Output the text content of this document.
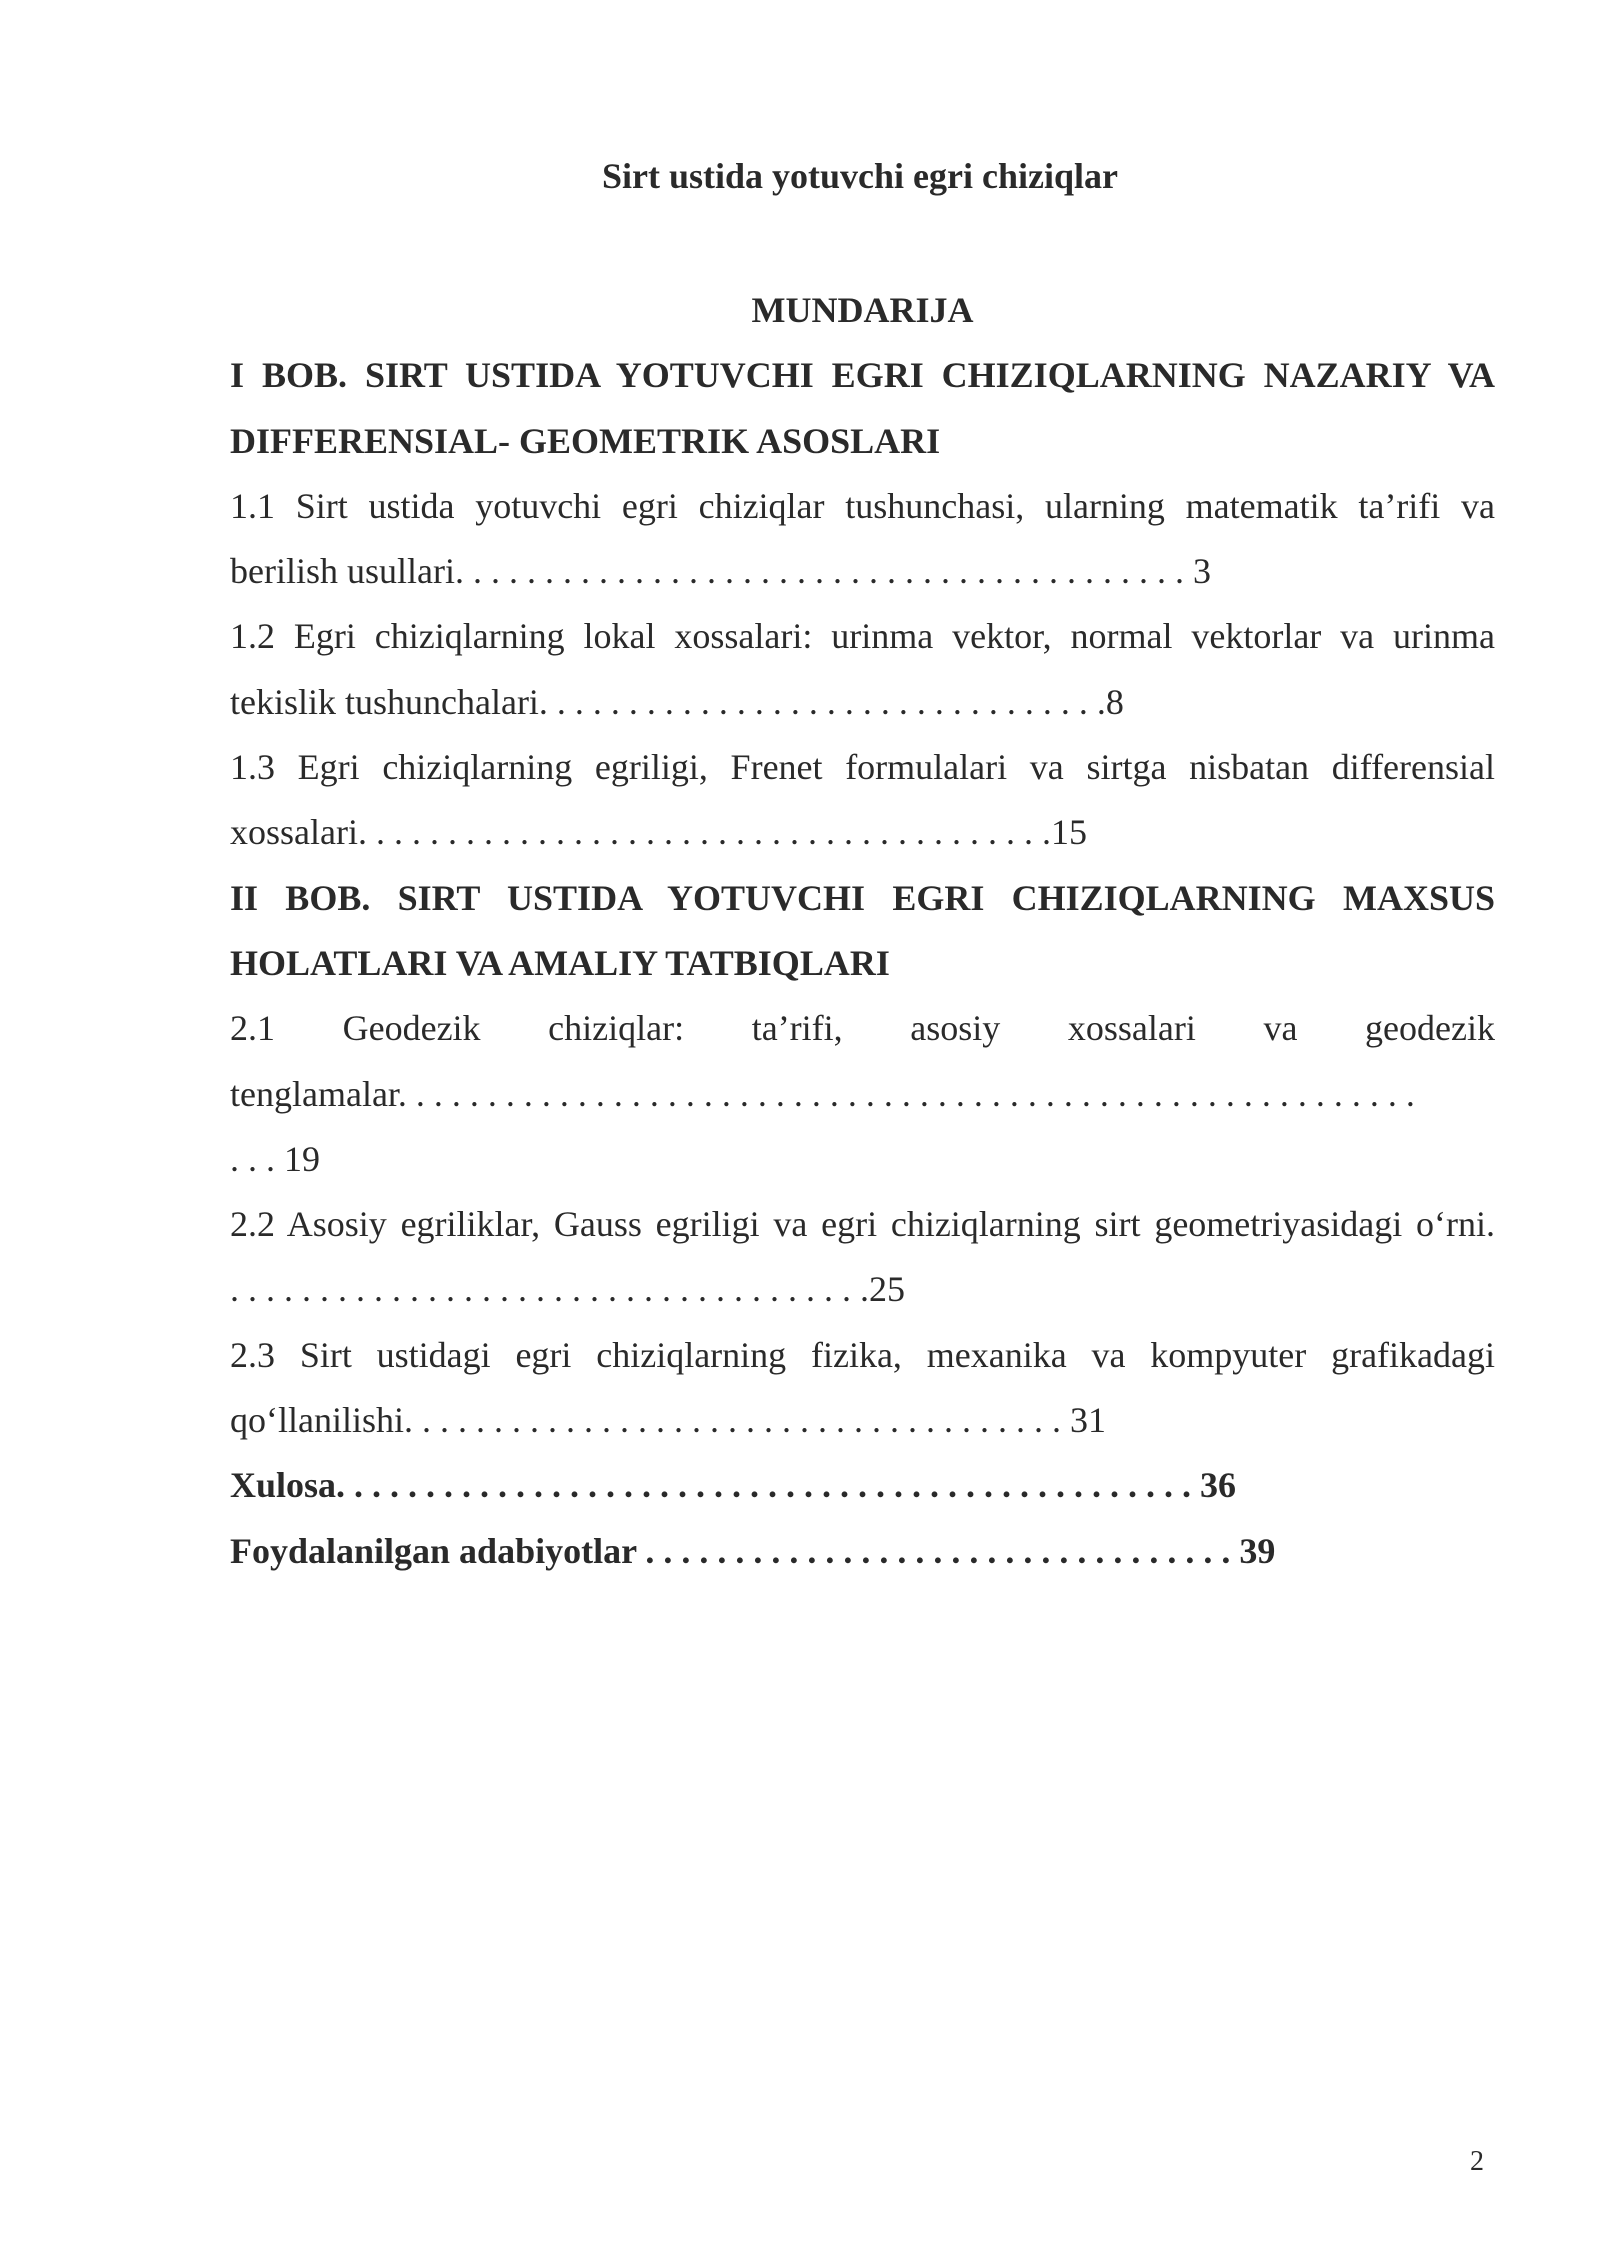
Sirt ustida yotuvchi egri chiziqlar

MUNDARIJA

I BOB. SIRT USTIDA YOTUVCHI EGRI CHIZIQLARNING NAZARIY VA
DIFFERENSIAL- GEOMETRIK ASOSLARI
1.1 Sirt ustida yotuvchi egri chiziqlar tushunchasi, ularning matematik ta’rifi va
berilish usullari. . . . . . . . . . . . . . . . . . . . . . . . . . . . . . . . . . . . . . . . . 3
1.2 Egri chiziqlarning lokal xossalari: urinma vektor, normal vektorlar va urinma
tekislik tushunchalari. . . . . . . . . . . . . . . . . . . . . . . . . . . . . . . .8
1.3 Egri chiziqlarning egriligi, Frenet formulalari va sirtga nisbatan differensial
xossalari. . . . . . . . . . . . . . . . . . . . . . . . . . . . . . . . . . . . . . .15
II BOB. SIRT USTIDA YOTUVCHI EGRI CHIZIQLARNING MAXSUS
HOLATLARI VA AMALIY TATBIQLARI
2.1 Geodezik chiziqlar: ta’rifi, asosiy xossalari va geodezik
tenglamalar. . . . . . . . . . . . . . . . . . . . . . . . . . . . . . . . . . . . . . . . . . . . . . . . . . . . . . . . .
. . . 19
2.2 Asosiy egriliklar, Gauss egriligi va egri chiziqlarning sirt geometriyasidagi o‘rni.
. . . . . . . . . . . . . . . . . . . . . . . . . . . . . . . . . . . .25
2.3 Sirt ustidagi egri chiziqlarning fizika, mexanika va kompyuter grafikadagi
qo‘llanilishi. . . . . . . . . . . . . . . . . . . . . . . . . . . . . . . . . . . . . 31

Xulosa. . . . . . . . . . . . . . . . . . . . . . . . . . . . . . . . . . . . . . . . . . . . . . . . 36

Foydalanilgan adabiyotlar . . . . . . . . . . . . . . . . . . . . . . . . . . . . . . . . . 39

2
